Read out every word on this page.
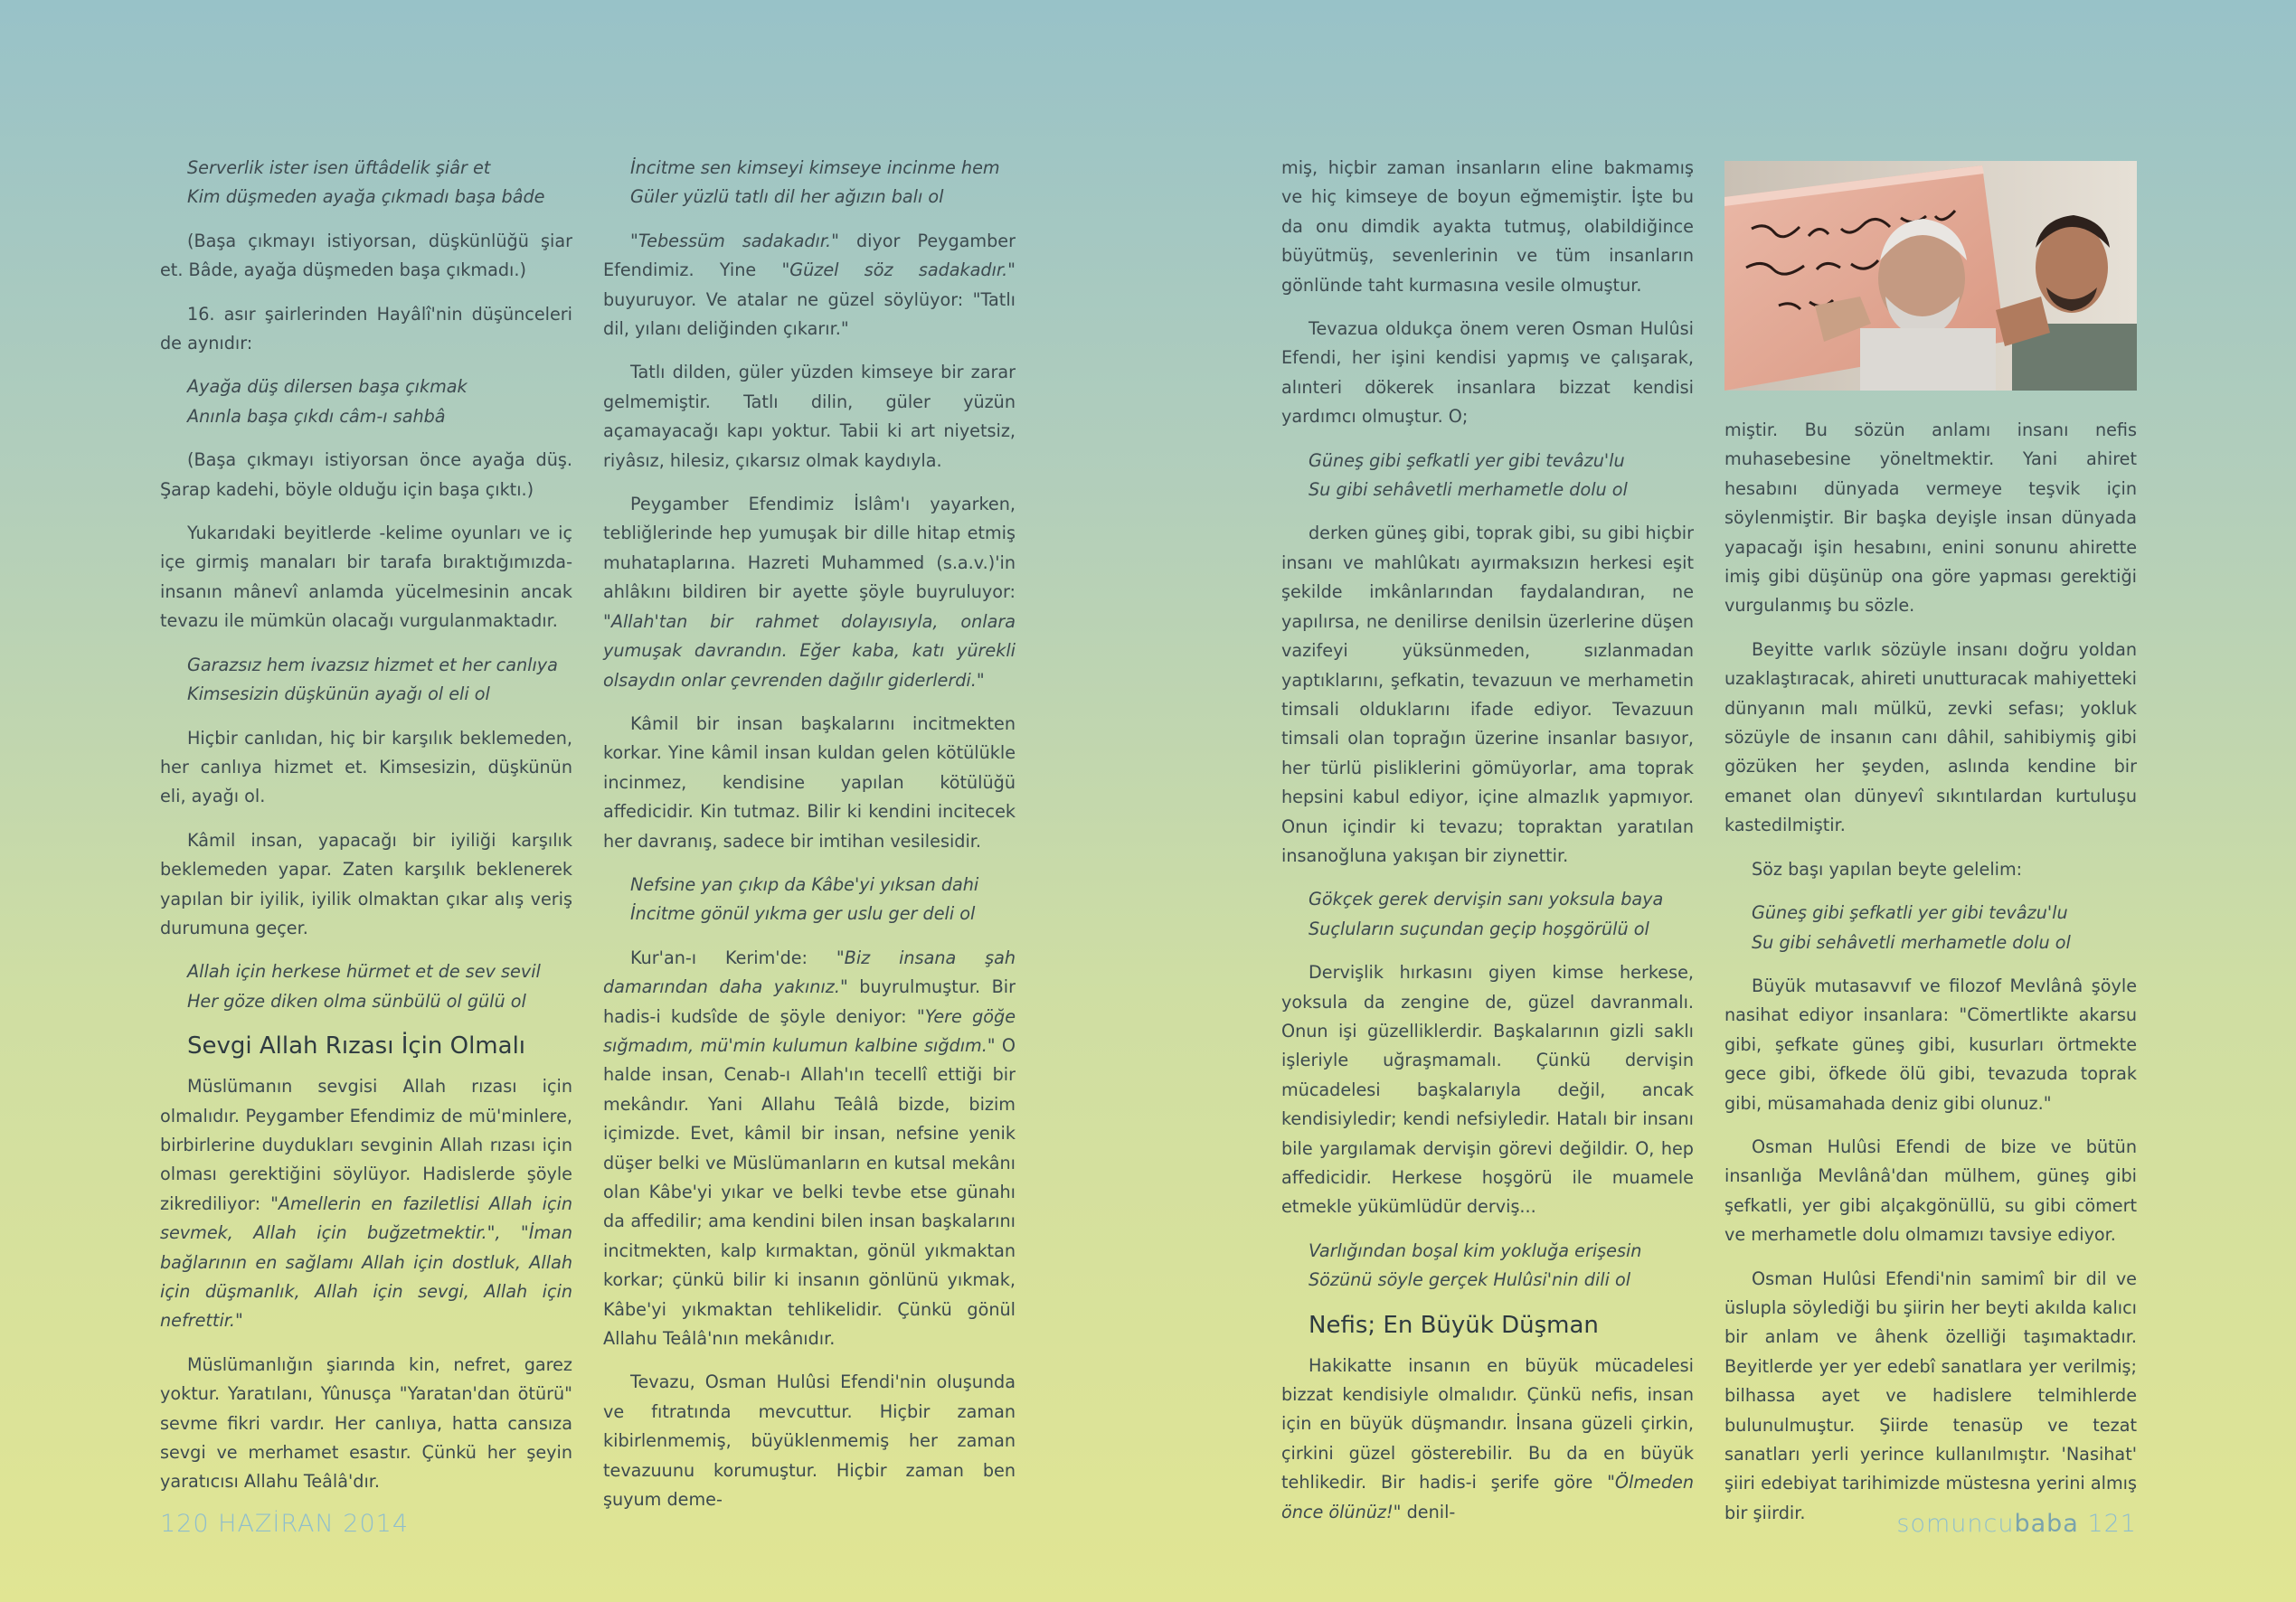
Serverlik ister isen üftâdelik şiâr et
Kim düşmeden ayağa çıkmadı başa bâde

(Başa çıkmayı istiyorsan, düşkünlüğü şiar et. Bâde, ayağa düşmeden başa çıkmadı.)

16. asır şairlerinden Hayâlî'nin düşünceleri de aynıdır:

Ayağa düş dilersen başa çıkmak
Anınla başa çıkdı câm-ı sahbâ

(Başa çıkmayı istiyorsan önce ayağa düş. Şarap kadehi, böyle olduğu için başa çıktı.)

Yukarıdaki beyitlerde -kelime oyunları ve iç içe girmiş manaları bir tarafa bıraktığımızda- insanın mânevî anlamda yücelmesinin ancak tevazu ile mümkün olacağı vurgulanmaktadır.

Garazsız hem ivazsız hizmet et her canlıya
Kimsesizin düşkünün ayağı ol eli ol

Hiçbir canlıdan, hiç bir karşılık beklemeden, her canlıya hizmet et. Kimsesizin, düşkünün eli, ayağı ol.

Kâmil insan, yapacağı bir iyiliği karşılık beklemeden yapar. Zaten karşılık beklenerek yapılan bir iyilik, iyilik olmaktan çıkar alış veriş durumuna geçer.

Allah için herkese hürmet et de sev sevil
Her göze diken olma sünbülü ol gülü ol
Sevgi Allah Rızası İçin Olmalı

Müslümanın sevgisi Allah rızası için olmalıdır. Peygamber Efendimiz de mü'minlere, birbirlerine duydukları sevginin Allah rızası için olması gerektiğini söylüyor. Hadislerde şöyle zikrediliyor: "Amellerin en faziletlisi Allah için sevmek, Allah için buğzetmektir.", "İman bağlarının en sağlamı Allah için dostluk, Allah için düşmanlık, Allah için sevgi, Allah için nefrettir."

Müslümanlığın şiarında kin, nefret, garez yoktur. Yaratılanı, Yûnusça "Yaratan'dan ötürü" sevme fikri vardır. Her canlıya, hatta cansıza sevgi ve merhamet esastır. Çünkü her şeyin yaratıcısı Allahu Teâlâ'dır.

İncitme sen kimseyi kimseye incinme hem
Güler yüzlü tatlı dil her ağızın balı ol

"Tebessüm sadakadır." diyor Peygamber Efendimiz. Yine "Güzel söz sadakadır." buyuruyor. Ve atalar ne güzel söylüyor: "Tatlı dil, yılanı deliğinden çıkarır."

Tatlı dilden, güler yüzden kimseye bir zarar gelmemiştir. Tatlı dilin, güler yüzün açamayacağı kapı yoktur. Tabii ki art niyetsiz, riyâsız, hilesiz, çıkarsız olmak kaydıyla.

Peygamber Efendimiz İslâm'ı yayarken, tebliğlerinde hep yumuşak bir dille hitap etmiş muhataplarına. Hazreti Muhammed (s.a.v.)'in ahlâkını bildiren bir ayette şöyle buyruluyor: "Allah'tan bir rahmet dolayısıyla, onlara yumuşak davrandın. Eğer kaba, katı yürekli olsaydın onlar çevrenden dağılır giderlerdi."

Kâmil bir insan başkalarını incitmekten korkar. Yine kâmil insan kuldan gelen kötülükle incinmez, kendisine yapılan kötülüğü affedicidir. Kin tutmaz. Bilir ki kendini incitecek her davranış, sadece bir imtihan vesilesidir.

Nefsine yan çıkıp da Kâbe'yi yıksan dahi
İncitme gönül yıkma ger uslu ger deli ol

Kur'an-ı Kerim'de: "Biz insana şah damarından daha yakınız." buyrulmuştur. Bir hadis-i kudsîde de şöyle deniyor: "Yere göğe sığmadım, mü'min kulumun kalbine sığdım." O halde insan, Cenab-ı Allah'ın tecellî ettiği bir mekândır. Yani Allahu Teâlâ bizde, bizim içimizde. Evet, kâmil bir insan, nefsine yenik düşer belki ve Müslümanların en kutsal mekânı olan Kâbe'yi yıkar ve belki tevbe etse günahı da affedilir; ama kendini bilen insan başkalarını incitmekten, kalp kırmaktan, gönül yıkmaktan korkar; çünkü bilir ki insanın gönlünü yıkmak, Kâbe'yi yıkmaktan tehlikelidir. Çünkü gönül Allahu Teâlâ'nın mekânıdır.

Tevazu, Osman Hulûsi Efendi'nin oluşunda ve fıtratında mevcuttur. Hiçbir zaman kibirlenmemiş, büyüklenmemiş her zaman tevazuunu korumuştur. Hiçbir zaman ben şuyum deme-

miş, hiçbir zaman insanların eline bakmamış ve hiç kimseye de boyun eğmemiştir. İşte bu da onu dimdik ayakta tutmuş, olabildiğince büyütmüş, sevenlerinin ve tüm insanların gönlünde taht kurmasına vesile olmuştur.

Tevazua oldukça önem veren Osman Hulûsi Efendi, her işini kendisi yapmış ve çalışarak, alınteri dökerek insanlara bizzat kendisi yardımcı olmuştur. O;

Güneş gibi şefkatli yer gibi tevâzu'lu
Su gibi sehâvetli merhametle dolu ol

derken güneş gibi, toprak gibi, su gibi hiçbir insanı ve mahlûkatı ayırmaksızın herkesi eşit şekilde imkânlarından faydalandıran, ne yapılırsa, ne denilirse denilsin üzerlerine düşen vazifeyi yüksünmeden, sızlanmadan yaptıklarını, şefkatin, tevazuun ve merhametin timsali olduklarını ifade ediyor. Tevazuun timsali olan toprağın üzerine insanlar basıyor, her türlü pisliklerini gömüyorlar, ama toprak hepsini kabul ediyor, içine almazlık yapmıyor. Onun içindir ki tevazu; topraktan yaratılan insanoğluna yakışan bir ziynettir.

Gökçek gerek dervişin sanı yoksula baya
Suçluların suçundan geçip hoşgörülü ol

Dervişlik hırkasını giyen kimse herkese, yoksula da zengine de, güzel davranmalı. Onun işi güzelliklerdir. Başkalarının gizli saklı işleriyle uğraşmamalı. Çünkü dervişin mücadelesi başkalarıyla değil, ancak kendisiyledir; kendi nefsiyledir. Hatalı bir insanı bile yargılamak dervişin görevi değildir. O, hep affedicidir. Herkese hoşgörü ile muamele etmekle yükümlüdür derviş...

Varlığından boşal kim yokluğa erişesin
Sözünü söyle gerçek Hulûsi'nin dili ol
Nefis; En Büyük Düşman

Hakikatte insanın en büyük mücadelesi bizzat kendisiyle olmalıdır. Çünkü nefis, insan için en büyük düşmandır. İnsana güzeli çirkin, çirkini güzel gösterebilir. Bu da en büyük tehlikedir. Bir hadis-i şerife göre "Ölmeden önce ölünüz!" denil-

miştir. Bu sözün anlamı insanı nefis muhasebesine yöneltmektir. Yani ahiret hesabını dünyada vermeye teşvik için söylenmiştir. Bir başka deyişle insan dünyada yapacağı işin hesabını, enini sonunu ahirette imiş gibi düşünüp ona göre yapması gerektiği vurgulanmış bu sözle.

Beyitte varlık sözüyle insanı doğru yoldan uzaklaştıracak, ahireti unutturacak mahiyetteki dünyanın malı mülkü, zevki sefası; yokluk sözüyle de insanın canı dâhil, sahibiymiş gibi gözüken her şeyden, aslında kendine bir emanet olan dünyevî sıkıntılardan kurtuluşu kastedilmiştir.

Söz başı yapılan beyte gelelim:

Güneş gibi şefkatli yer gibi tevâzu'lu
Su gibi sehâvetli merhametle dolu ol

Büyük mutasavvıf ve filozof Mevlânâ şöyle nasihat ediyor insanlara: "Cömertlikte akarsu gibi, şefkate güneş gibi, kusurları örtmekte gece gibi, öfkede ölü gibi, tevazuda toprak gibi, müsamahada deniz gibi olunuz."

Osman Hulûsi Efendi de bize ve bütün insanlığa Mevlânâ'dan mülhem, güneş gibi şefkatli, yer gibi alçakgönüllü, su gibi cömert ve merhametle dolu olmamızı tavsiye ediyor.

Osman Hulûsi Efendi'nin samimî bir dil ve üslupla söylediği bu şiirin her beyti akılda kalıcı bir anlam ve âhenk özelliği taşımaktadır. Beyitlerde yer yer edebî sanatlara yer verilmiş; bilhassa ayet ve hadislere telmihlerde bulunulmuştur. Şiirde tenasüp ve tezat sanatları yerli yerince kullanılmıştır. 'Nasihat' şiiri edebiyat tarihimizde müstesna yerini almış bir şiirdir.

120 HAZİRAN 2014	somuncubaba 121
